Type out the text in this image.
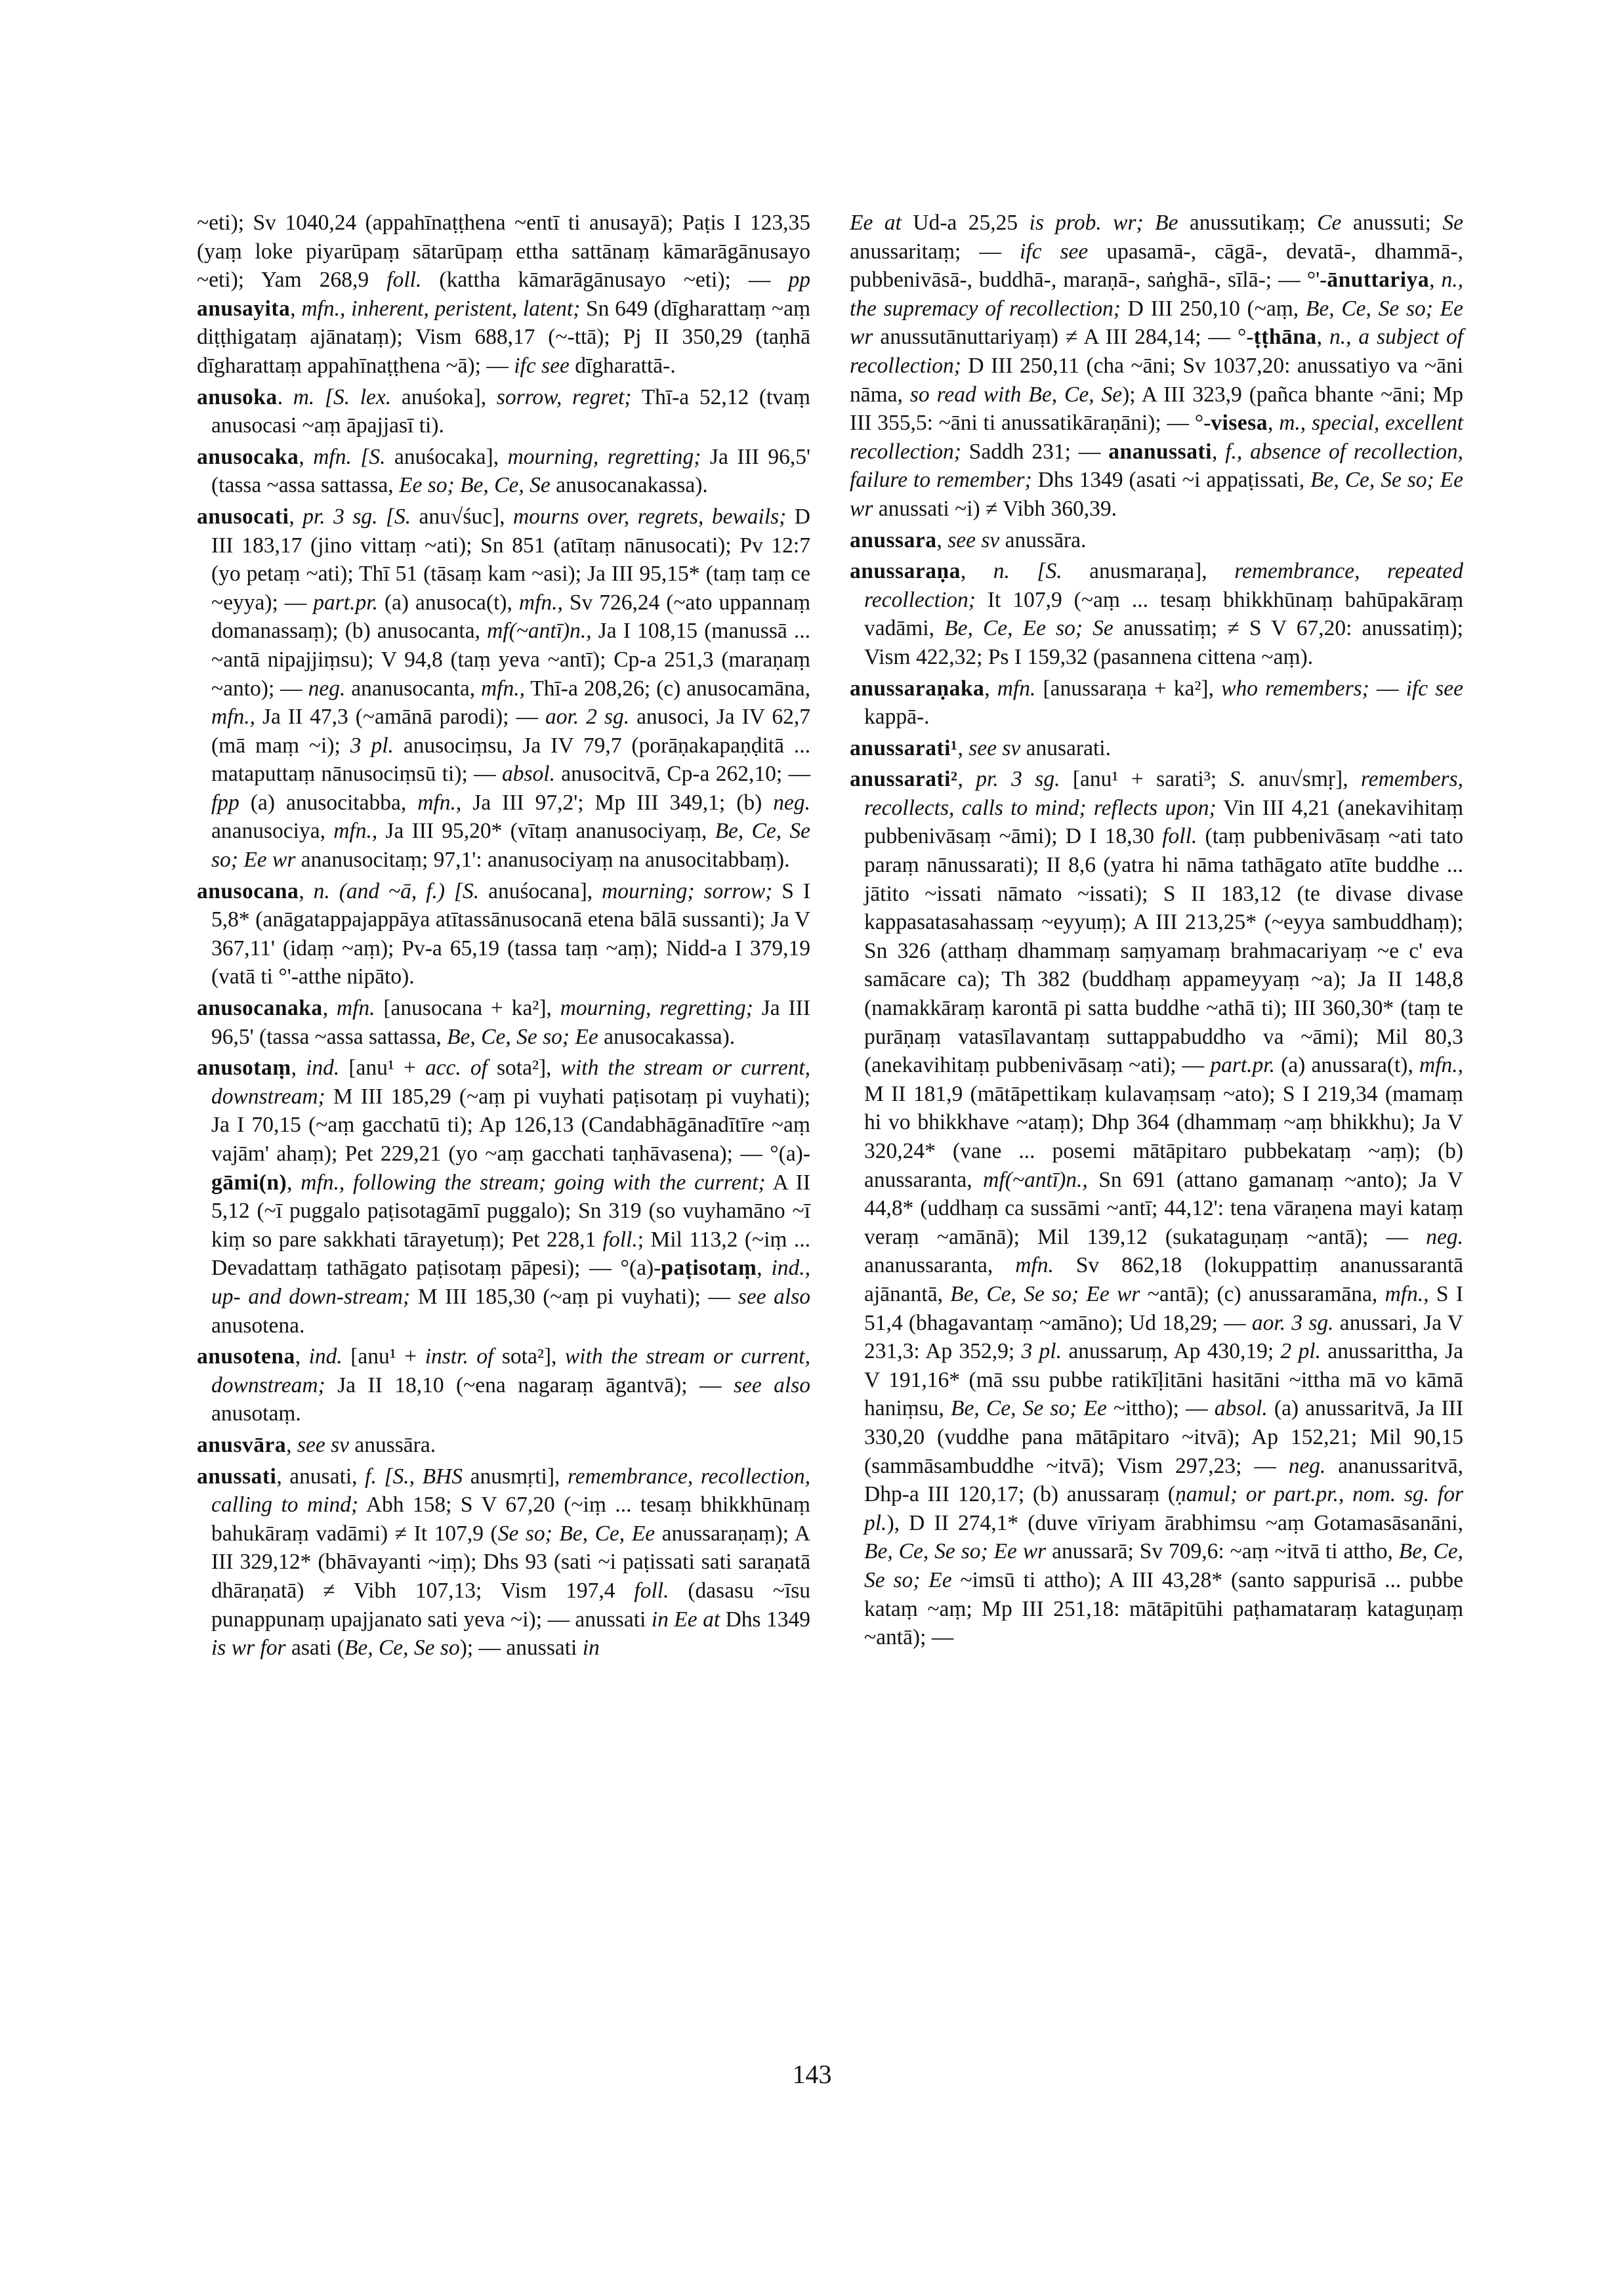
~eti); Sv 1040,24 (appahīnaṭṭhena ~entī ti anusayā); Paṭis I 123,35 (yaṃ loke piyarūpaṃ sātarūpaṃ ettha sattānaṃ kāmarāgānusayo ~eti); Yam 268,9 foll. (kattha kāmarāgānusayo ~eti); — pp anusayita, mfn., inherent, peristent, latent; Sn 649 (dīgharattaṃ ~aṃ diṭṭhigataṃ ajānataṃ); Vism 688,17 (~-ttā); Pj II 350,29 (taṇhā dīgharattaṃ appahīnaṭṭhena ~ā); — ifc see dīgharattā-.

anusoka. m. [S. lex. anuśoka], sorrow, regret; Thī-a 52,12 (tvaṃ anusocasi ~aṃ āpajjasī ti).

anusocaka, mfn. [S. anuśocaka], mourning, regretting; Ja III 96,5' (tassa ~assa sattassa, Ee so; Be, Ce, Se anusocanakassa).

anusocati, pr. 3 sg. [S. anu√śuc], mourns over, regrets, bewails; D III 183,17 (jino vittaṃ ~ati); Sn 851 (atītaṃ nānusocati); Pv 12:7 (yo petaṃ ~ati); Thī 51 (tāsaṃ kam ~asi); Ja III 95,15* (taṃ taṃ ce ~eyya); — part.pr. (a) anusoca(t), mfn., Sv 726,24 (~ato uppannaṃ domanassaṃ); (b) anusocanta, mf(~antī)n., Ja I 108,15 (manussā ... ~antā nipajjiṃsu); V 94,8 (taṃ yeva ~antī); Cp-a 251,3 (maraṇaṃ ~anto); — neg. ananusocanta, mfn., Thī-a 208,26; (c) anusocamāna, mfn., Ja II 47,3 (~amānā parodi); — aor. 2 sg. anusoci, Ja IV 62,7 (mā maṃ ~i); 3 pl. anusociṃsu, Ja IV 79,7 (porāṇakapaṇḍitā ... mataputtaṃ nānusociṃsū ti); — absol. anusocitvā, Cp-a 262,10; — fpp (a) anusocitabba, mfn., Ja III 97,2'; Mp III 349,1; (b) neg. ananusociya, mfn., Ja III 95,20* (vītaṃ ananusociyaṃ, Be, Ce, Se so; Ee wr ananusocitaṃ; 97,1': ananusociyaṃ na anusocitabbaṃ).

anusocana, n. (and ~ā, f.) [S. anuśocana], mourning; sorrow; S I 5,8* (anāgatappajappāya atītassānusocanā etena bālā sussanti); Ja V 367,11' (idaṃ ~aṃ); Pv-a 65,19 (tassa taṃ ~aṃ); Nidd-a I 379,19 (vatā ti °'-atthe nipāto).

anusocanaka, mfn. [anusocana + ka²], mourning, regretting; Ja III 96,5' (tassa ~assa sattassa, Be, Ce, Se so; Ee anusocakassa).

anusotaṃ, ind. [anu¹ + acc. of sota²], with the stream or current, downstream; M III 185,29 (~aṃ pi vuyhati paṭisotaṃ pi vuyhati); Ja I 70,15 (~aṃ gacchatū ti); Ap 126,13 (Candabhāgānadītīre ~aṃ vajām' ahaṃ); Pet 229,21 (yo ~aṃ gacchati taṇhāvasena); — °(a)-gāmi(n), mfn., following the stream; going with the current; A II 5,12 (~ī puggalo paṭisotagāmī puggalo); Sn 319 (so vuyhamāno ~ī kiṃ so pare sakkhati tārayetuṃ); Pet 228,1 foll.; Mil 113,2 (~iṃ ... Devadattaṃ tathāgato paṭisotaṃ pāpesi); — °(a)-paṭisotaṃ, ind., up- and down-stream; M III 185,30 (~aṃ pi vuyhati); — see also anusotena.

anusotena, ind. [anu¹ + instr. of sota²], with the stream or current, downstream; Ja II 18,10 (~ena nagaraṃ āgantvā); — see also anusotaṃ.

anusvāra, see sv anussāra.

anussati, anusati, f. [S., BHS anusmṛti], remembrance, recollection, calling to mind; Abh 158; S V 67,20 (~iṃ ... tesaṃ bhikkhūnaṃ bahukāraṃ vadāmi) ≠ It 107,9 (Se so; Be, Ce, Ee anussaraṇaṃ); A III 329,12* (bhāvayanti ~iṃ); Dhs 93 (sati ~i paṭissati sati saraṇatā dhāraṇatā) ≠ Vibh 107,13; Vism 197,4 foll. (dasasu ~īsu punappunaṃ upajjanato sati yeva ~i); — anussati in Ee at Dhs 1349 is wr for asati (Be, Ce, Se so); — anussati in

Ee at Ud-a 25,25 is prob. wr; Be anussutikaṃ; Ce anussuti; Se anussaritaṃ; — ifc see upasamā-, cāgā-, devatā-, dhammā-, pubbenivāsā-, buddhā-, maraṇā-, saṅghā-, sīlā-; — °'-ānuttariya, n., the supremacy of recollection; D III 250,10 (~aṃ, Be, Ce, Se so; Ee wr anussutānuttariyaṃ) ≠ A III 284,14; — °-ṭṭhāna, n., a subject of recollection; D III 250,11 (cha ~āni; Sv 1037,20: anussatiyo va ~āni nāma, so read with Be, Ce, Se); A III 323,9 (pañca bhante ~āni; Mp III 355,5: ~āni ti anussatikāraṇāni); — °-visesa, m., special, excellent recollection; Saddh 231; — ananussati, f., absence of recollection, failure to remember; Dhs 1349 (asati ~i appaṭissati, Be, Ce, Se so; Ee wr anussati ~i) ≠ Vibh 360,39.

anussara, see sv anussāra.

anussaraṇa, n. [S. anusmaraṇa], remembrance, repeated recollection; It 107,9 (~aṃ ... tesaṃ bhikkhūnaṃ bahūpakāraṃ vadāmi, Be, Ce, Ee so; Se anussatiṃ; ≠ S V 67,20: anussatiṃ); Vism 422,32; Ps I 159,32 (pasannena cittena ~aṃ).

anussaraṇaka, mfn. [anussaraṇa + ka²], who remembers; — ifc see kappā-.

anussarati¹, see sv anusarati.

anussarati², pr. 3 sg. [anu¹ + sarati³; S. anu√smṛ], remembers, recollects, calls to mind; reflects upon; Vin III 4,21 (anekavihitaṃ pubbenivāsaṃ ~āmi); D I 18,30 foll. (taṃ pubbenivāsaṃ ~ati tato paraṃ nānussarati); II 8,6 (yatra hi nāma tathāgato atīte buddhe ... jātito ~issati nāmato ~issati); S II 183,12 (te divase divase kappasatasahassaṃ ~eyyuṃ); A III 213,25* (~eyya sambuddhaṃ); Sn 326 (atthaṃ dhammaṃ saṃyamaṃ brahmacariyaṃ ~e c' eva samācare ca); Th 382 (buddhaṃ appameyyaṃ ~a); Ja II 148,8 (namakkāraṃ karontā pi satta buddhe ~athā ti); III 360,30* (taṃ te purāṇaṃ vatasīlavantaṃ suttappabuddho va ~āmi); Mil 80,3 (anekavihitaṃ pubbenivāsaṃ ~ati); — part.pr. (a) anussara(t), mfn., M II 181,9 (mātāpettikaṃ kulavaṃsaṃ ~ato); S I 219,34 (mamaṃ hi vo bhikkhave ~ataṃ); Dhp 364 (dhammaṃ ~aṃ bhikkhu); Ja V 320,24* (vane ... posemi mātāpitaro pubbekataṃ ~aṃ); (b) anussaranta, mf(~antī)n., Sn 691 (attano gamanaṃ ~anto); Ja V 44,8* (uddhaṃ ca sussāmi ~antī; 44,12': tena vāraṇena mayi kataṃ veraṃ ~amānā); Mil 139,12 (sukataguṇaṃ ~antā); — neg. ananussaranta, mfn. Sv 862,18 (lokuppattiṃ ananussarantā ajānantā, Be, Ce, Se so; Ee wr ~antā); (c) anussaramāna, mfn., S I 51,4 (bhagavantaṃ ~amāno); Ud 18,29; — aor. 3 sg. anussari, Ja V 231,3: Ap 352,9; 3 pl. anussaruṃ, Ap 430,19; 2 pl. anussarittha, Ja V 191,16* (mā ssu pubbe ratikīḷitāni hasitāni ~ittha mā vo kāmā haniṃsu, Be, Ce, Se so; Ee ~ittho); — absol. (a) anussaritvā, Ja III 330,20 (vuddhe pana mātāpitaro ~itvā); Ap 152,21; Mil 90,15 (sammāsambuddhe ~itvā); Vism 297,23; — neg. ananussaritvā, Dhp-a III 120,17; (b) anussaraṃ (ṇamul; or part.pr., nom. sg. for pl.), D II 274,1* (duve vīriyam ārabhimsu ~aṃ Gotamasāsanāni, Be, Ce, Se so; Ee wr anussarā; Sv 709,6: ~aṃ ~itvā ti attho, Be, Ce, Se so; Ee ~imsū ti attho); A III 43,28* (santo sappurisā ... pubbe kataṃ ~aṃ; Mp III 251,18: mātāpitūhi paṭhamataraṃ kataguṇaṃ ~antā); —

143
